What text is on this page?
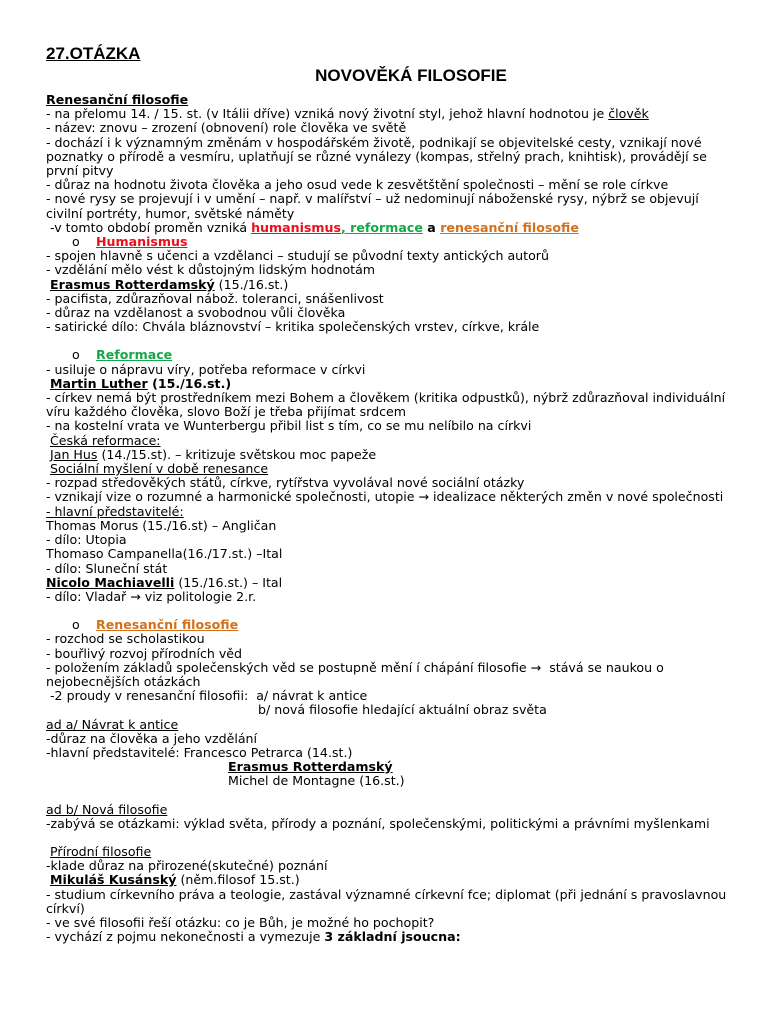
27.OTÁZKA
NOVOVĚKÁ FILOSOFIE
Renesanční filosofie
- na přelomu 14. / 15. st. (v Itálii dříve) vzniká nový životní styl, jehož hlavní hodnotou je člověk
- název: znovu – zrození (obnovení) role člověka ve světě
- dochází i k významným změnám v hospodářském životě, podnikají se objevitelské cesty, vznikají nové poznatky o přírodě a vesmíru, uplatňují se různé vynálezy (kompas, střelný prach, knihtisk), provádějí se první pitvy
- důraz na hodnotu života člověka a jeho osud vede k zesvětštění společnosti – mění se role církve
- nové rysy se projevují i v umění – např. v malířství – už nedominují náboženské rysy, nýbrž se objevují civilní portréty, humor, světské náměty
-v tomto období proměn vzniká humanismus, reformace a renesanční filosofie
o Humanismus
- spojen hlavně s učenci a vzdělanci – studují se původní texty antických autorů
- vzdělání mělo vést k důstojným lidským hodnotám
Erasmus Rotterdamský (15./16.st.)
- pacifista, zdůrazňoval nábož. toleranci, snášenlivost
- důraz na vzdělanost a svobodnou vůli člověka
- satirické dílo: Chvála bláznovství – kritika společenských vrstev, církve, krále
o Reformace
- usiluje o nápravu víry, potřeba reformace v církvi
Martin Luther (15./16.st.)
- církev nemá být prostředníkem mezi Bohem a člověkem (kritika odpustků), nýbrž zdůrazňoval individuální víru každého člověka, slovo Boží je třeba přijímat srdcem
- na kostelní vrata ve Wunterbergu přibil list s tím, co se mu nelíbilo na církvi
Česká reformace:
Jan Hus (14./15.st). – kritizuje světskou moc papeže
Sociální myšlení v době renesance
- rozpad středověkých států, církve, rytířstva vyvolával nové sociální otázky
- vznikají vize o rozumné a harmonické společnosti, utopie → idealizace některých změn v nové společnosti
- hlavní představitelé:
Thomas Morus (15./16.st) – Angličan
- dílo: Utopia
Thomaso Campanella(16./17.st.) –Ital
- dílo: Sluneční stát
Nicolo Machiavelli (15./16.st.) – Ital
- dílo: Vladař → viz politologie 2.r.
o Renesanční filosofie
- rozchod se scholastikou
- bouřlivý rozvoj přírodních věd
- položením základů společenských věd se postupně mění í chápání filosofie →  stává se naukou o nejobecnějších otázkách
-2 proudy v renesanční filosofii:  a/ návrat k antice
b/ nová filosofie hledající aktuální obraz světa
ad a/ Návrat k antice
-důraz na člověka a jeho vzdělání
-hlavní představitelé: Francesco Petrarca (14.st.)
Erasmus Rotterdamský
Michel de Montagne (16.st.)
ad b/ Nová filosofie
-zabývá se otázkami: výklad světa, přírody a poznání, společenskými, politickými a právními myšlenkami
Přírodní filosofie
-klade důraz na přirozené(skutečné) poznání
Mikuláš Kusánský (něm.filosof 15.st.)
- studium církevního práva a teologie, zastával významné církevní fce; diplomat (při jednání s pravoslavnou církví)
- ve své filosofii řeší otázku: co je Bůh, je možné ho pochopit?
- vychází z pojmu nekonečnosti a vymezuje 3 základní jsoucna:
